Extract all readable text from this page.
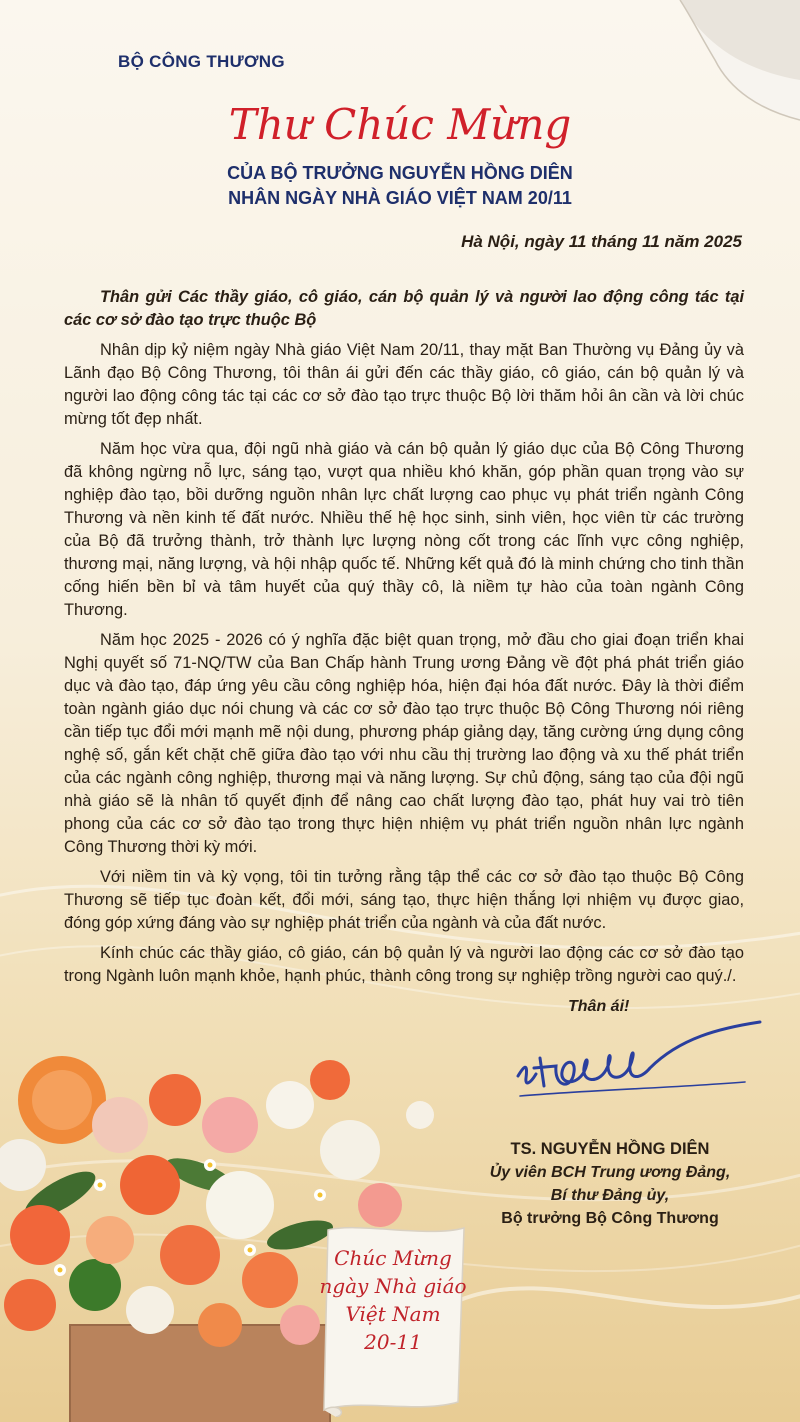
BỘ CÔNG THƯƠNG
Thư Chúc Mừng
CỦA BỘ TRƯỞNG NGUYỄN HỒNG DIÊN
NHÂN NGÀY NHÀ GIÁO VIỆT NAM 20/11
Hà Nội, ngày 11 tháng 11 năm 2025

Thân gửi Các thầy giáo, cô giáo, cán bộ quản lý và người lao động công tác tại các cơ sở đào tạo trực thuộc Bộ

Nhân dịp kỷ niệm ngày Nhà giáo Việt Nam 20/11, thay mặt Ban Thường vụ Đảng ủy và Lãnh đạo Bộ Công Thương, tôi thân ái gửi đến các thầy giáo, cô giáo, cán bộ quản lý và người lao động công tác tại các cơ sở đào tạo trực thuộc Bộ lời thăm hỏi ân cần và lời chúc mừng tốt đẹp nhất.

Năm học vừa qua, đội ngũ nhà giáo và cán bộ quản lý giáo dục của Bộ Công Thương đã không ngừng nỗ lực, sáng tạo, vượt qua nhiều khó khăn, góp phần quan trọng vào sự nghiệp đào tạo, bồi dưỡng nguồn nhân lực chất lượng cao phục vụ phát triển ngành Công Thương và nền kinh tế đất nước. Nhiều thế hệ học sinh, sinh viên, học viên từ các trường của Bộ đã trưởng thành, trở thành lực lượng nòng cốt trong các lĩnh vực công nghiệp, thương mại, năng lượng, và hội nhập quốc tế. Những kết quả đó là minh chứng cho tinh thần cống hiến bền bỉ và tâm huyết của quý thầy cô, là niềm tự hào của toàn ngành Công Thương.

Năm học 2025 - 2026 có ý nghĩa đặc biệt quan trọng, mở đầu cho giai đoạn triển khai Nghị quyết số 71-NQ/TW của Ban Chấp hành Trung ương Đảng về đột phá phát triển giáo dục và đào tạo, đáp ứng yêu cầu công nghiệp hóa, hiện đại hóa đất nước. Đây là thời điểm toàn ngành giáo dục nói chung và các cơ sở đào tạo trực thuộc Bộ Công Thương nói riêng cần tiếp tục đổi mới mạnh mẽ nội dung, phương pháp giảng dạy, tăng cường ứng dụng công nghệ số, gắn kết chặt chẽ giữa đào tạo với nhu cầu thị trường lao động và xu thế phát triển của các ngành công nghiệp, thương mại và năng lượng. Sự chủ động, sáng tạo của đội ngũ nhà giáo sẽ là nhân tố quyết định để nâng cao chất lượng đào tạo, phát huy vai trò tiên phong của các cơ sở đào tạo trong thực hiện nhiệm vụ phát triển nguồn nhân lực ngành Công Thương thời kỳ mới.

Với niềm tin và kỳ vọng, tôi tin tưởng rằng tập thể các cơ sở đào tạo thuộc Bộ Công Thương sẽ tiếp tục đoàn kết, đổi mới, sáng tạo, thực hiện thắng lợi nhiệm vụ được giao, đóng góp xứng đáng vào sự nghiệp phát triển của ngành và của đất nước.

Kính chúc các thầy giáo, cô giáo, cán bộ quản lý và người lao động các cơ sở đào tạo trong Ngành luôn mạnh khỏe, hạnh phúc, thành công trong sự nghiệp trồng người cao quý./.

Thân ái!
TS. NGUYỄN HỒNG DIÊN
Ủy viên BCH Trung ương Đảng,
Bí thư Đảng ủy,
Bộ trưởng Bộ Công Thương
Chúc Mừng
ngày Nhà giáo
Việt Nam
20-11
